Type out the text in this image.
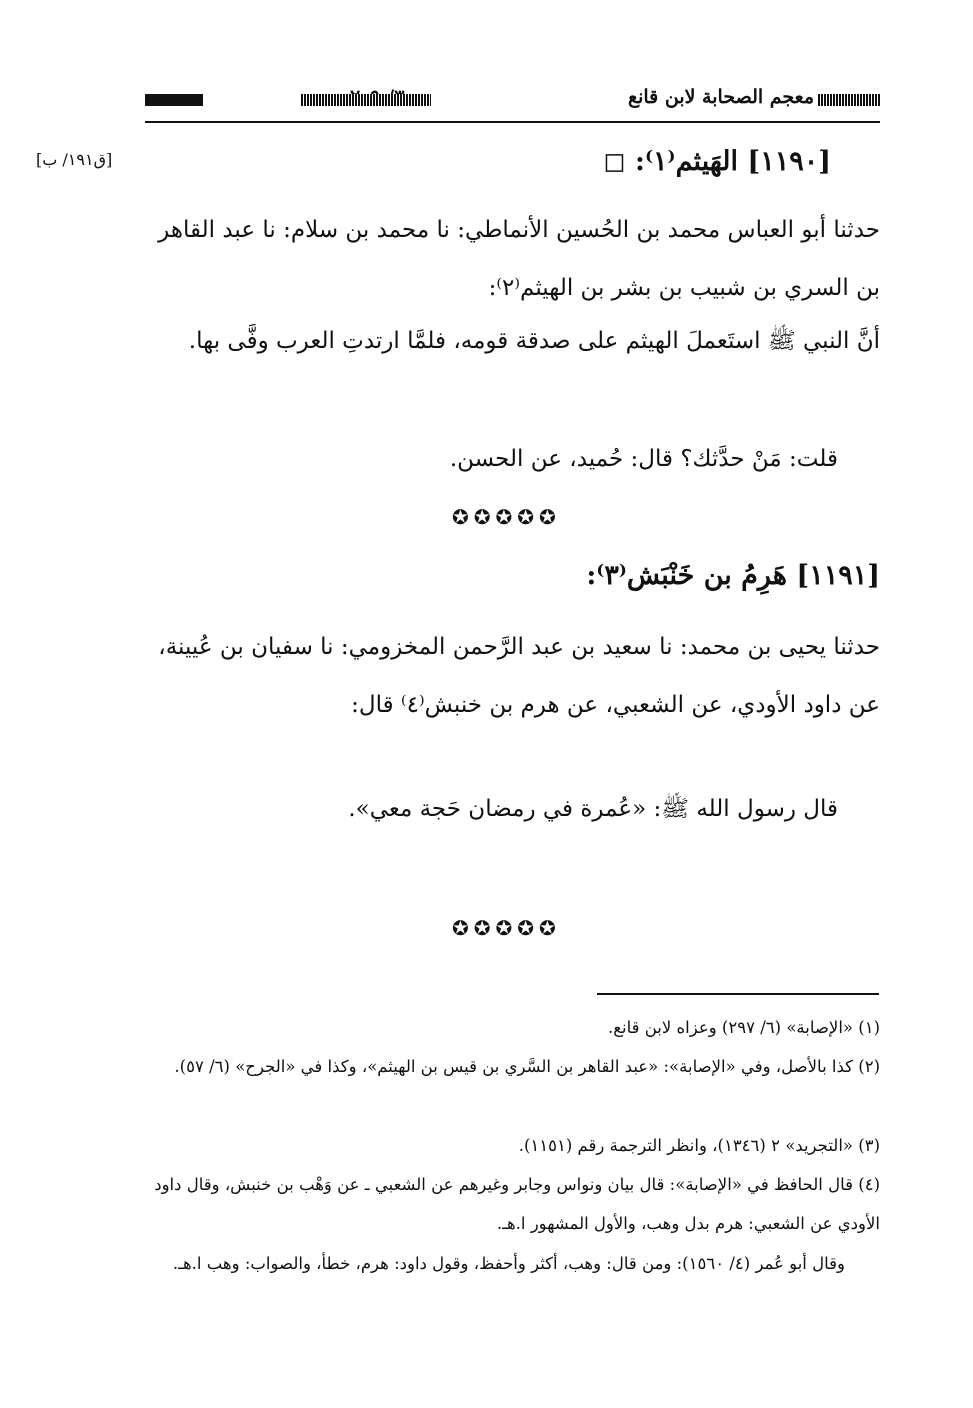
معجم الصحابة لابن قانع
[ق١٩١/ ب]	[١١٩٠] الهَيثم⁽١⁾: ◻
حدثنا أبو العباس محمد بن الحُسين الأنماطي: نا محمد بن سلام: نا عبد القاهر بن السري بن شبيب بن بشر بن الهيثم⁽٢⁾:
أنَّ النبي ﷺ استَعملَ الهيثم على صدقة قومه، فلمَّا ارتدتِ العرب وفَّى بها.
قلت: مَنْ حدَّثك؟ قال: حُميد، عن الحسن.
✪✪✪✪✪
[١١٩١] هَرِمُ بن خَنْبَش⁽٣⁾:
حدثنا يحيى بن محمد: نا سعيد بن عبد الرَّحمن المخزومي: نا سفيان بن عُيينة، عن داود الأودي، عن الشعبي، عن هرم بن خنبش⁽٤⁾ قال:
قال رسول الله ﷺ: «عُمرة في رمضان حَجة معي».
✪✪✪✪✪
(١) «الإصابة» (٦/ ٢٩٧) وعزاه لابن قانع.
(٢) كذا بالأصل، وفي «الإصابة»: «عبد القاهر بن السَّري بن قيس بن الهيثم»، وكذا في «الجرح» (٦/ ٥٧).
(٣) «التجريد» ٢ (١٣٤٦)، وانظر الترجمة رقم (١١٥١).
(٤) قال الحافظ في «الإصابة»: قال بيان ونواس وجابر وغيرهم عن الشعبي ـ عن وَهْب بن خنبش، وقال داود الأودي عن الشعبي: هرم بدل وهب، والأول المشهور ا.هـ.
وقال أبو عُمر (٤/ ١٥٦٠): ومن قال: وهب، أكثر وأحفظ، وقول داود: هرم، خطأ، والصواب: وهب ا.هـ.
